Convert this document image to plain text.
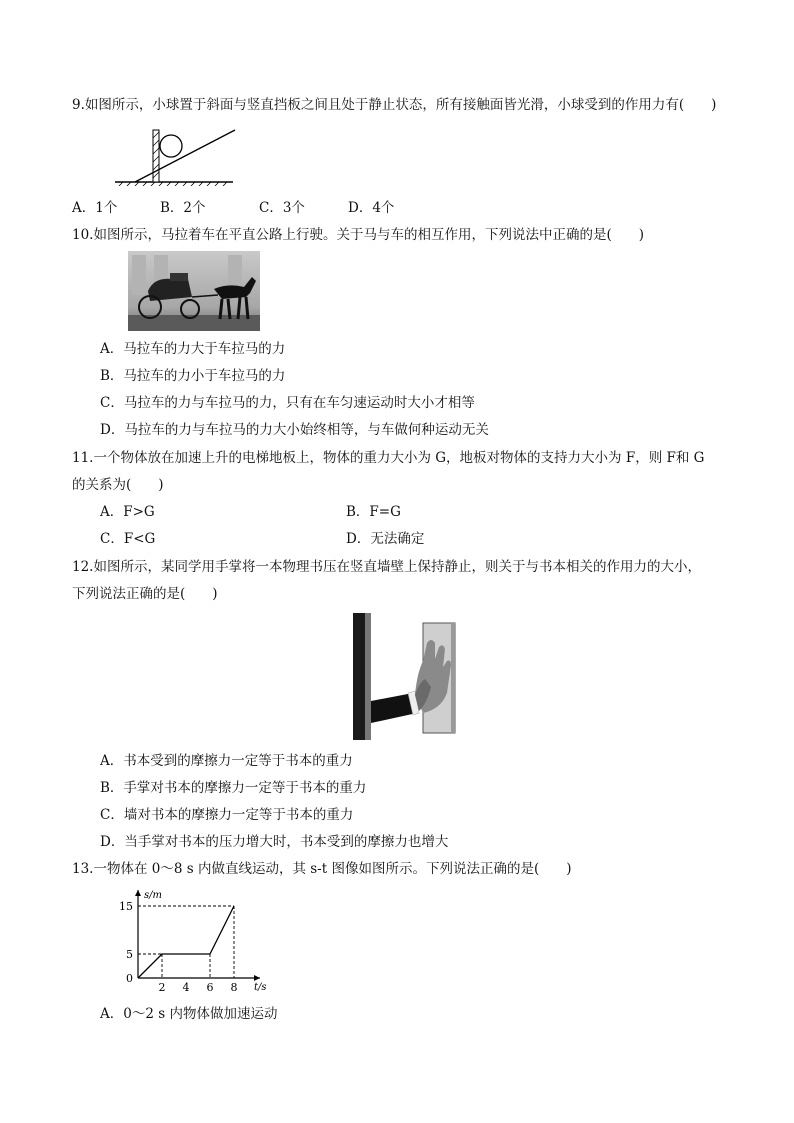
9.如图所示，小球置于斜面与竖直挡板之间且处于静止状态，所有接触面皆光滑，小球受到的作用力有(　　)
A．1个	B．2个	C．3个	D．4个
10.如图所示，马拉着车在平直公路上行驶。关于马与车的相互作用，下列说法中正确的是(　　)
A．马拉车的力大于车拉马的力
B．马拉车的力小于车拉马的力
C．马拉车的力与车拉马的力，只有在车匀速运动时大小才相等
D．马拉车的力与车拉马的力大小始终相等，与车做何种运动无关
11.一个物体放在加速上升的电梯地板上，物体的重力大小为 G，地板对物体的支持力大小为 F，则 F和 G
的关系为(　　)
A．F>G	B．F=G
C．F<G	D．无法确定
12.如图所示，某同学用手掌将一本物理书压在竖直墙壁上保持静止，则关于与书本相关的作用力的大小，
下列说法正确的是(　　)
A．书本受到的摩擦力一定等于书本的重力
B．手掌对书本的摩擦力一定等于书本的重力
C．墙对书本的摩擦力一定等于书本的重力
D．当手掌对书本的压力增大时，书本受到的摩擦力也增大
13.一物体在 0～8 s 内做直线运动，其 s-t 图像如图所示。下列说法正确的是(　　)
2 4 6 8
0
5
15
t/s
s/m
A．0～2 s 内物体做加速运动
